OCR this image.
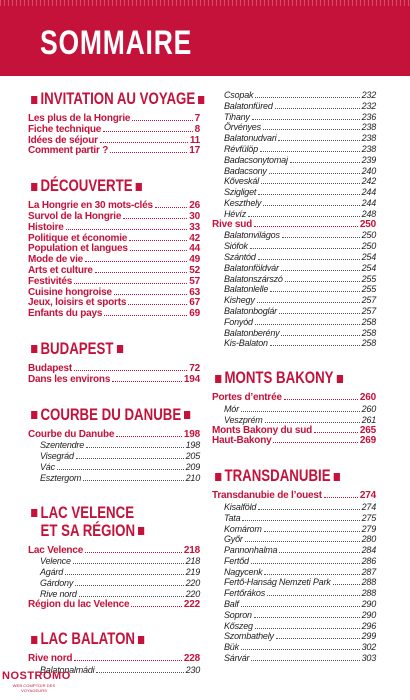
SOMMAIRE
INVITATION AU VOYAGE
Les plus de la Hongrie	7
Fiche technique	8
Idées de séjour	11
Comment partir ?	17
DÉCOUVERTE
La Hongrie en 30 mots-clés	26
Survol de la Hongrie	30
Histoire	33
Politique et économie	42
Population et langues	44
Mode de vie	49
Arts et culture	52
Festivités	57
Cuisine hongroise	63
Jeux, loisirs et sports	67
Enfants du pays	69
BUDAPEST
Budapest	72
Dans les environs	194
COURBE DU DANUBE
Courbe du Danube	198
Szentendre	198
Visegrád	205
Vác	209
Esztergom	210
LAC VELENCE
ET SA RÉGION
Lac Velence	218
Velence	218
Agárd	219
Gárdony	220
Rive nord	220
Région du lac Velence	222
LAC BALATON
Rive nord	228
Balatonalmádi	230
Csopak	232
Balatonfüred	232
Tihany	236
Örvényes	238
Balatonudvari	238
Révfülöp	238
Badacsonytomaj	239
Badacsony	240
Kőveskál	242
Szigliget	244
Keszthely	244
Hévíz	248
Rive sud	250
Balatonvilágos	250
Siófok	250
Szántód	254
Balatonföldvár	254
Balatonszárszó	255
Balatonlelle	255
Kishegy	257
Balatonboglár	257
Fonyód	258
Balatonberény	258
Kis-Balaton	258
MONTS BAKONY
Portes d’entrée	260
Mór	260
Veszprém	261
Monts Bakony du sud	265
Haut-Bakony	269
TRANSDANUBIE
Transdanubie de l’ouest	274
Kisalföld	274
Tata	275
Komárom	279
Győr	280
Pannonhalma	284
Fertőd	286
Nagycenk	287
Fertő-Hanság Nemzeti Park	288
Fertőrákos	288
Balf	290
Sopron	290
Kőszeg	296
Szombathely	299
Bük	302
Sárvár	303
NOSTROMO
WEB COMPTOIR DES VOYAGEURS
